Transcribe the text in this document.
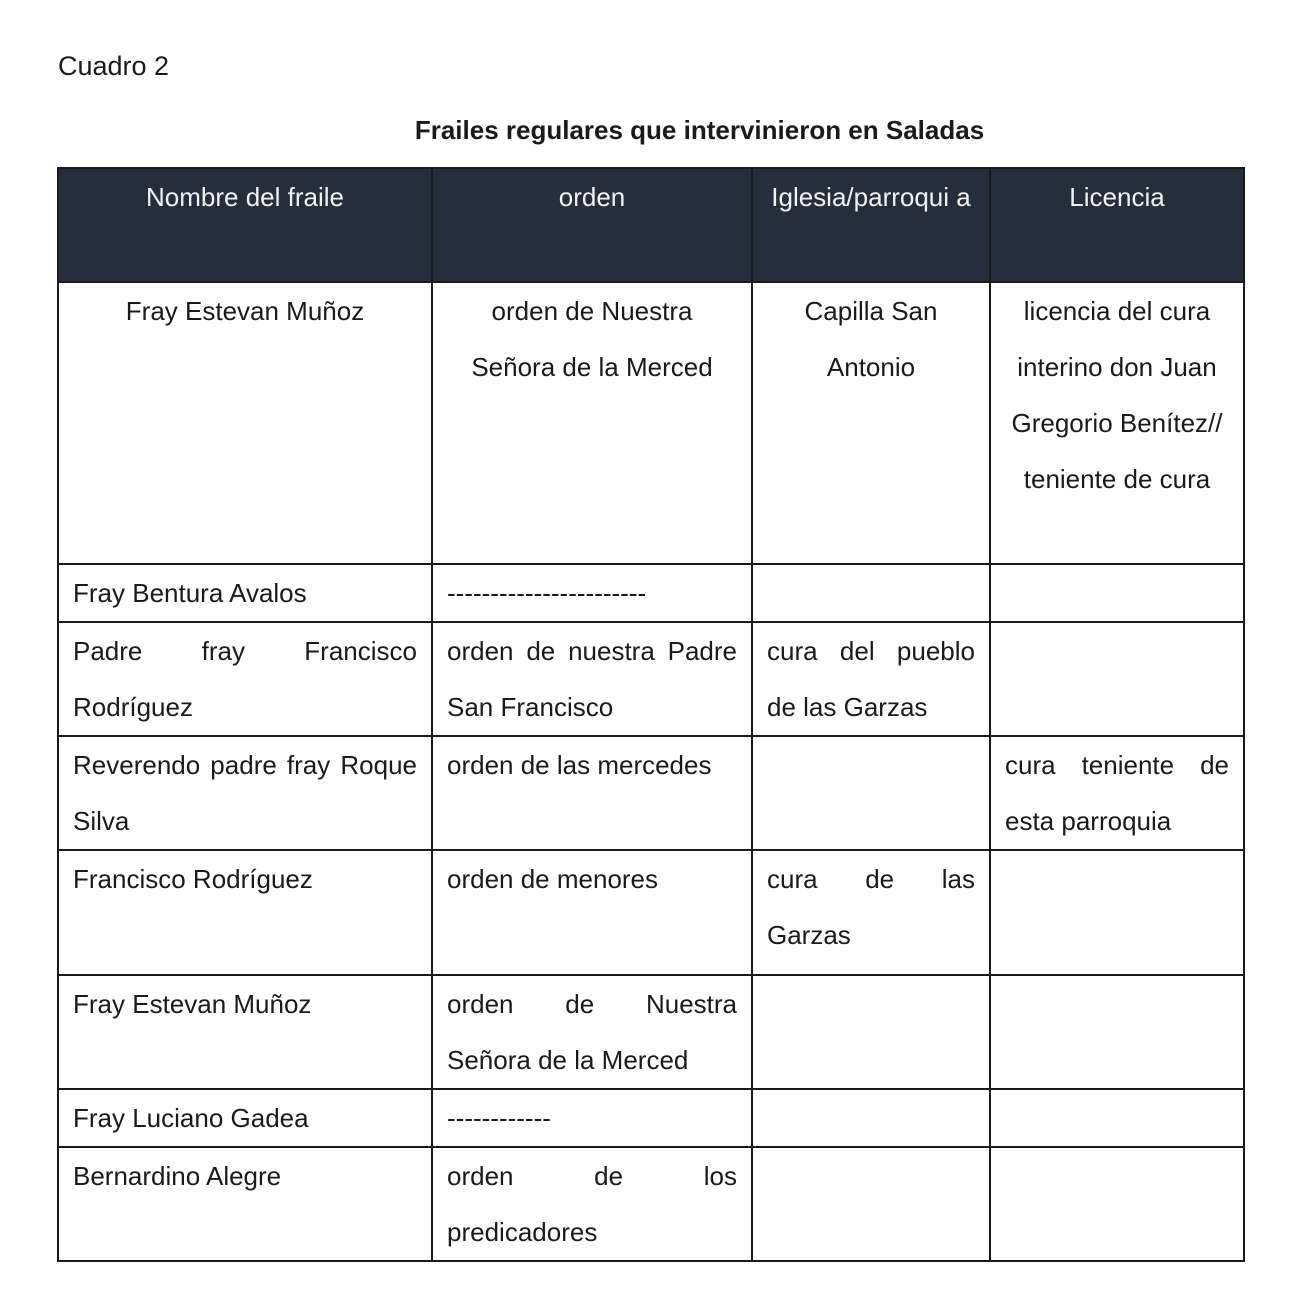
Cuadro 2
Frailes regulares que intervinieron en Saladas
Nombre del fraile	orden	Iglesia/parroqui a	Licencia
Fray Estevan Muñoz	orden de Nuestra Señora de la Merced	Capilla San Antonio	licencia del cura interino don Juan Gregorio Benítez// teniente de cura
Fray Bentura Avalos	-----------------------		
Padre fray Francisco Rodríguez	orden de nuestra Padre San Francisco	cura del pueblo de las Garzas	
Reverendo padre fray Roque Silva	orden de las mercedes		cura teniente de esta parroquia
Francisco Rodríguez	orden de menores	cura de las Garzas	
Fray Estevan Muñoz	orden de Nuestra Señora de la Merced		
Fray Luciano Gadea	------------		
Bernardino Alegre	orden de los predicadores		
